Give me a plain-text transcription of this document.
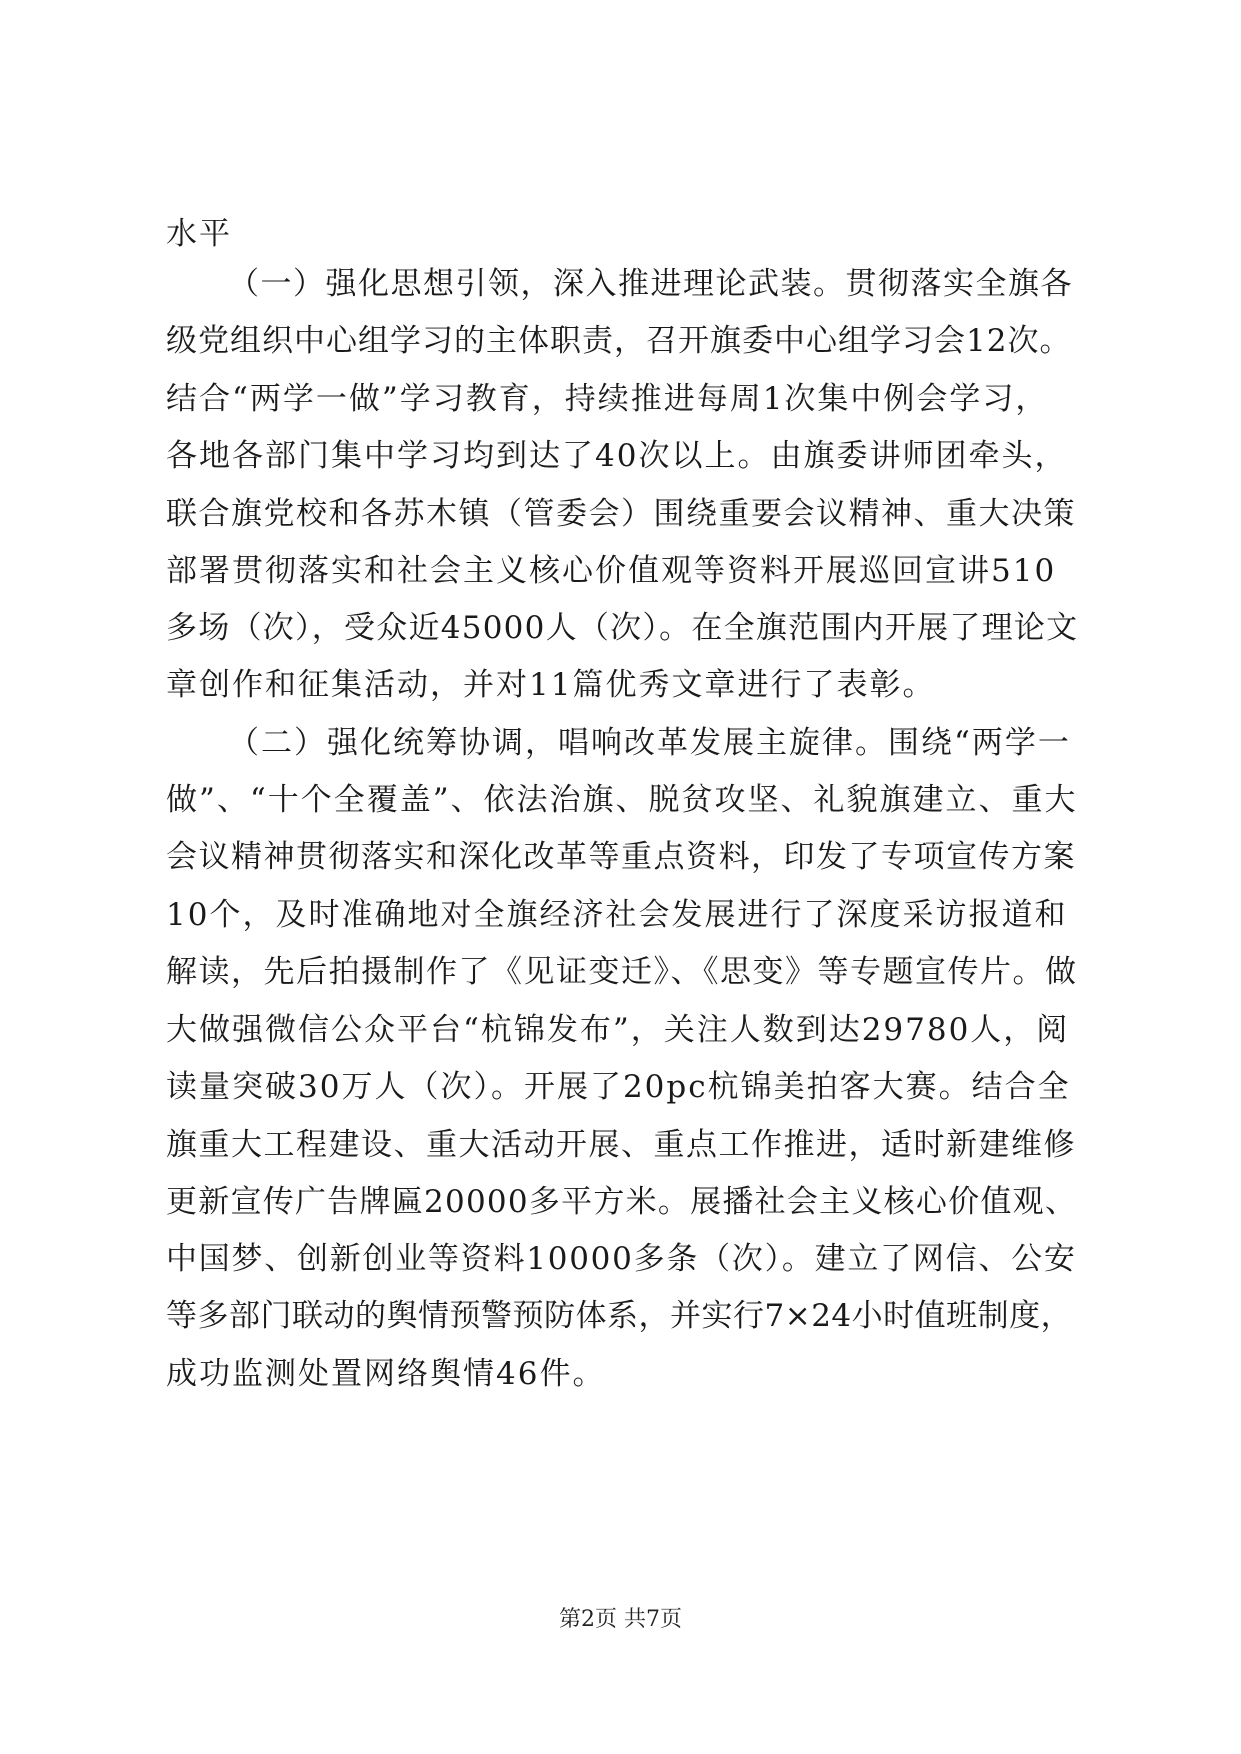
水平
（一）强化思想引领，深入推进理论武装。贯彻落实全旗各
级党组织中心组学习的主体职责，召开旗委中心组学习会12次。
结合“两学一做”学习教育，持续推进每周1次集中例会学习，
各地各部门集中学习均到达了40次以上。由旗委讲师团牵头，
联合旗党校和各苏木镇（管委会）围绕重要会议精神、重大决策
部署贯彻落实和社会主义核心价值观等资料开展巡回宣讲510
多场（次），受众近45000人（次）。在全旗范围内开展了理论文
章创作和征集活动，并对11篇优秀文章进行了表彰。
（二）强化统筹协调，唱响改革发展主旋律。围绕“两学一
做”、“十个全覆盖”、依法治旗、脱贫攻坚、礼貌旗建立、重大
会议精神贯彻落实和深化改革等重点资料，印发了专项宣传方案
10个，及时准确地对全旗经济社会发展进行了深度采访报道和
解读，先后拍摄制作了《见证变迁》、《思变》等专题宣传片。做
大做强微信公众平台“杭锦发布”，关注人数到达29780人，阅
读量突破30万人（次）。开展了20pc杭锦美拍客大赛。结合全
旗重大工程建设、重大活动开展、重点工作推进，适时新建维修
更新宣传广告牌匾20000多平方米。展播社会主义核心价值观、
中国梦、创新创业等资料10000多条（次）。建立了网信、公安
等多部门联动的舆情预警预防体系，并实行7×24小时值班制度，
成功监测处置网络舆情46件。
第2页 共7页
